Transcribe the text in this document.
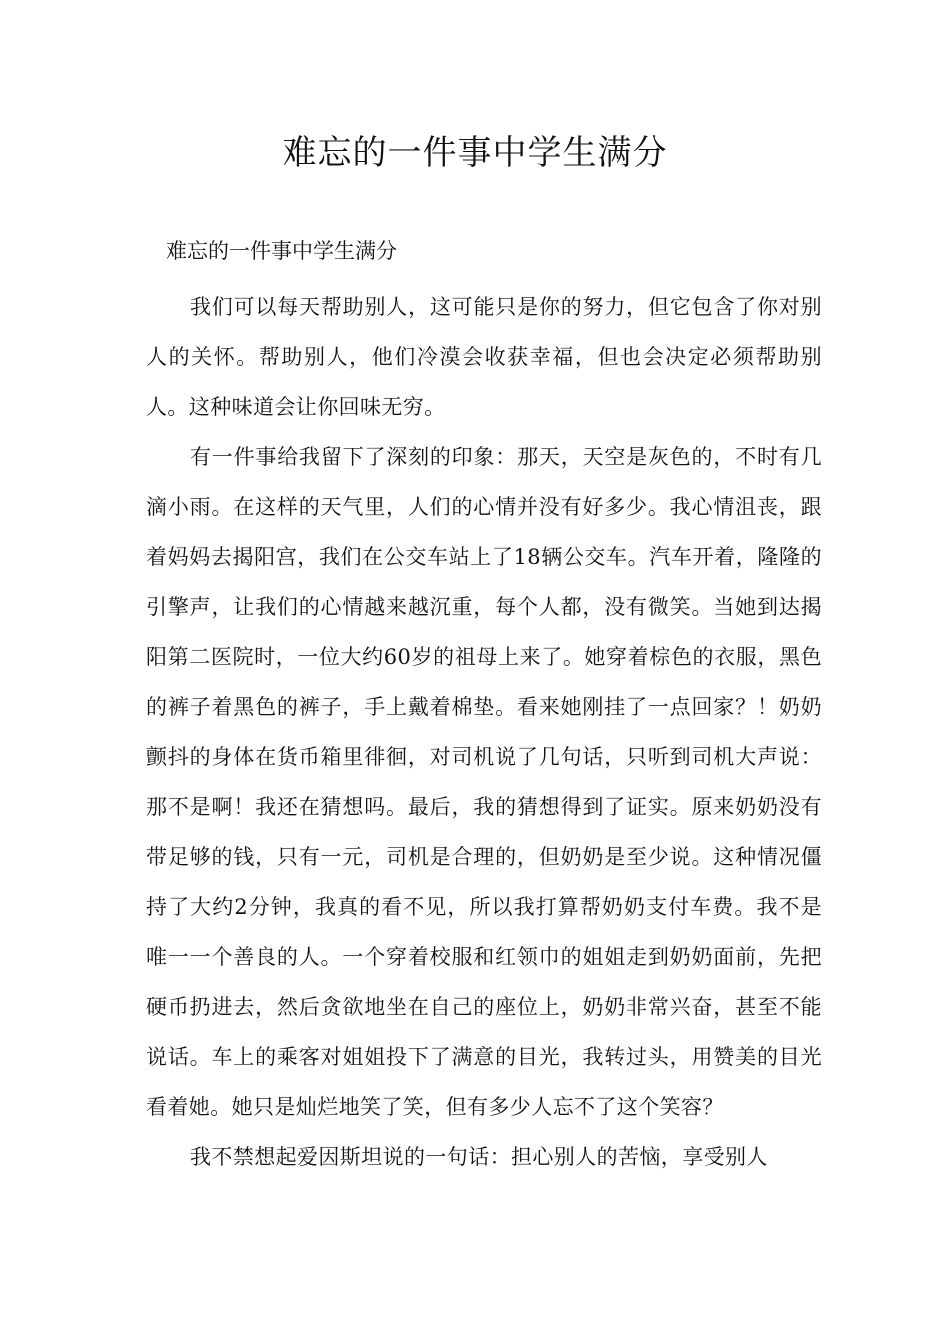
难忘的一件事中学生满分

难忘的一件事中学生满分

我们可以每天帮助别人，这可能只是你的努力，但它包含了你对别人的关怀。帮助别人，他们冷漠会收获幸福，但也会决定必须帮助别人。这种味道会让你回味无穷。

有一件事给我留下了深刻的印象：那天，天空是灰色的，不时有几滴小雨。在这样的天气里，人们的心情并没有好多少。我心情沮丧，跟着妈妈去揭阳宫，我们在公交车站上了18辆公交车。汽车开着，隆隆的引擎声，让我们的心情越来越沉重，每个人都，没有微笑。当她到达揭阳第二医院时，一位大约60岁的祖母上来了。她穿着棕色的衣服，黑色的裤子着黑色的裤子，手上戴着棉垫。看来她刚挂了一点回家？！奶奶颤抖的身体在货币箱里徘徊，对司机说了几句话，只听到司机大声说：那不是啊！我还在猜想吗。最后，我的猜想得到了证实。原来奶奶没有带足够的钱，只有一元，司机是合理的，但奶奶是至少说。这种情况僵持了大约2分钟，我真的看不见，所以我打算帮奶奶支付车费。我不是唯一一个善良的人。一个穿着校服和红领巾的姐姐走到奶奶面前，先把硬币扔进去，然后贪欲地坐在自己的座位上，奶奶非常兴奋，甚至不能说话。车上的乘客对姐姐投下了满意的目光，我转过头，用赞美的目光看着她。她只是灿烂地笑了笑，但有多少人忘不了这个笑容？

我不禁想起爱因斯坦说的一句话：担心别人的苦恼，享受别人
